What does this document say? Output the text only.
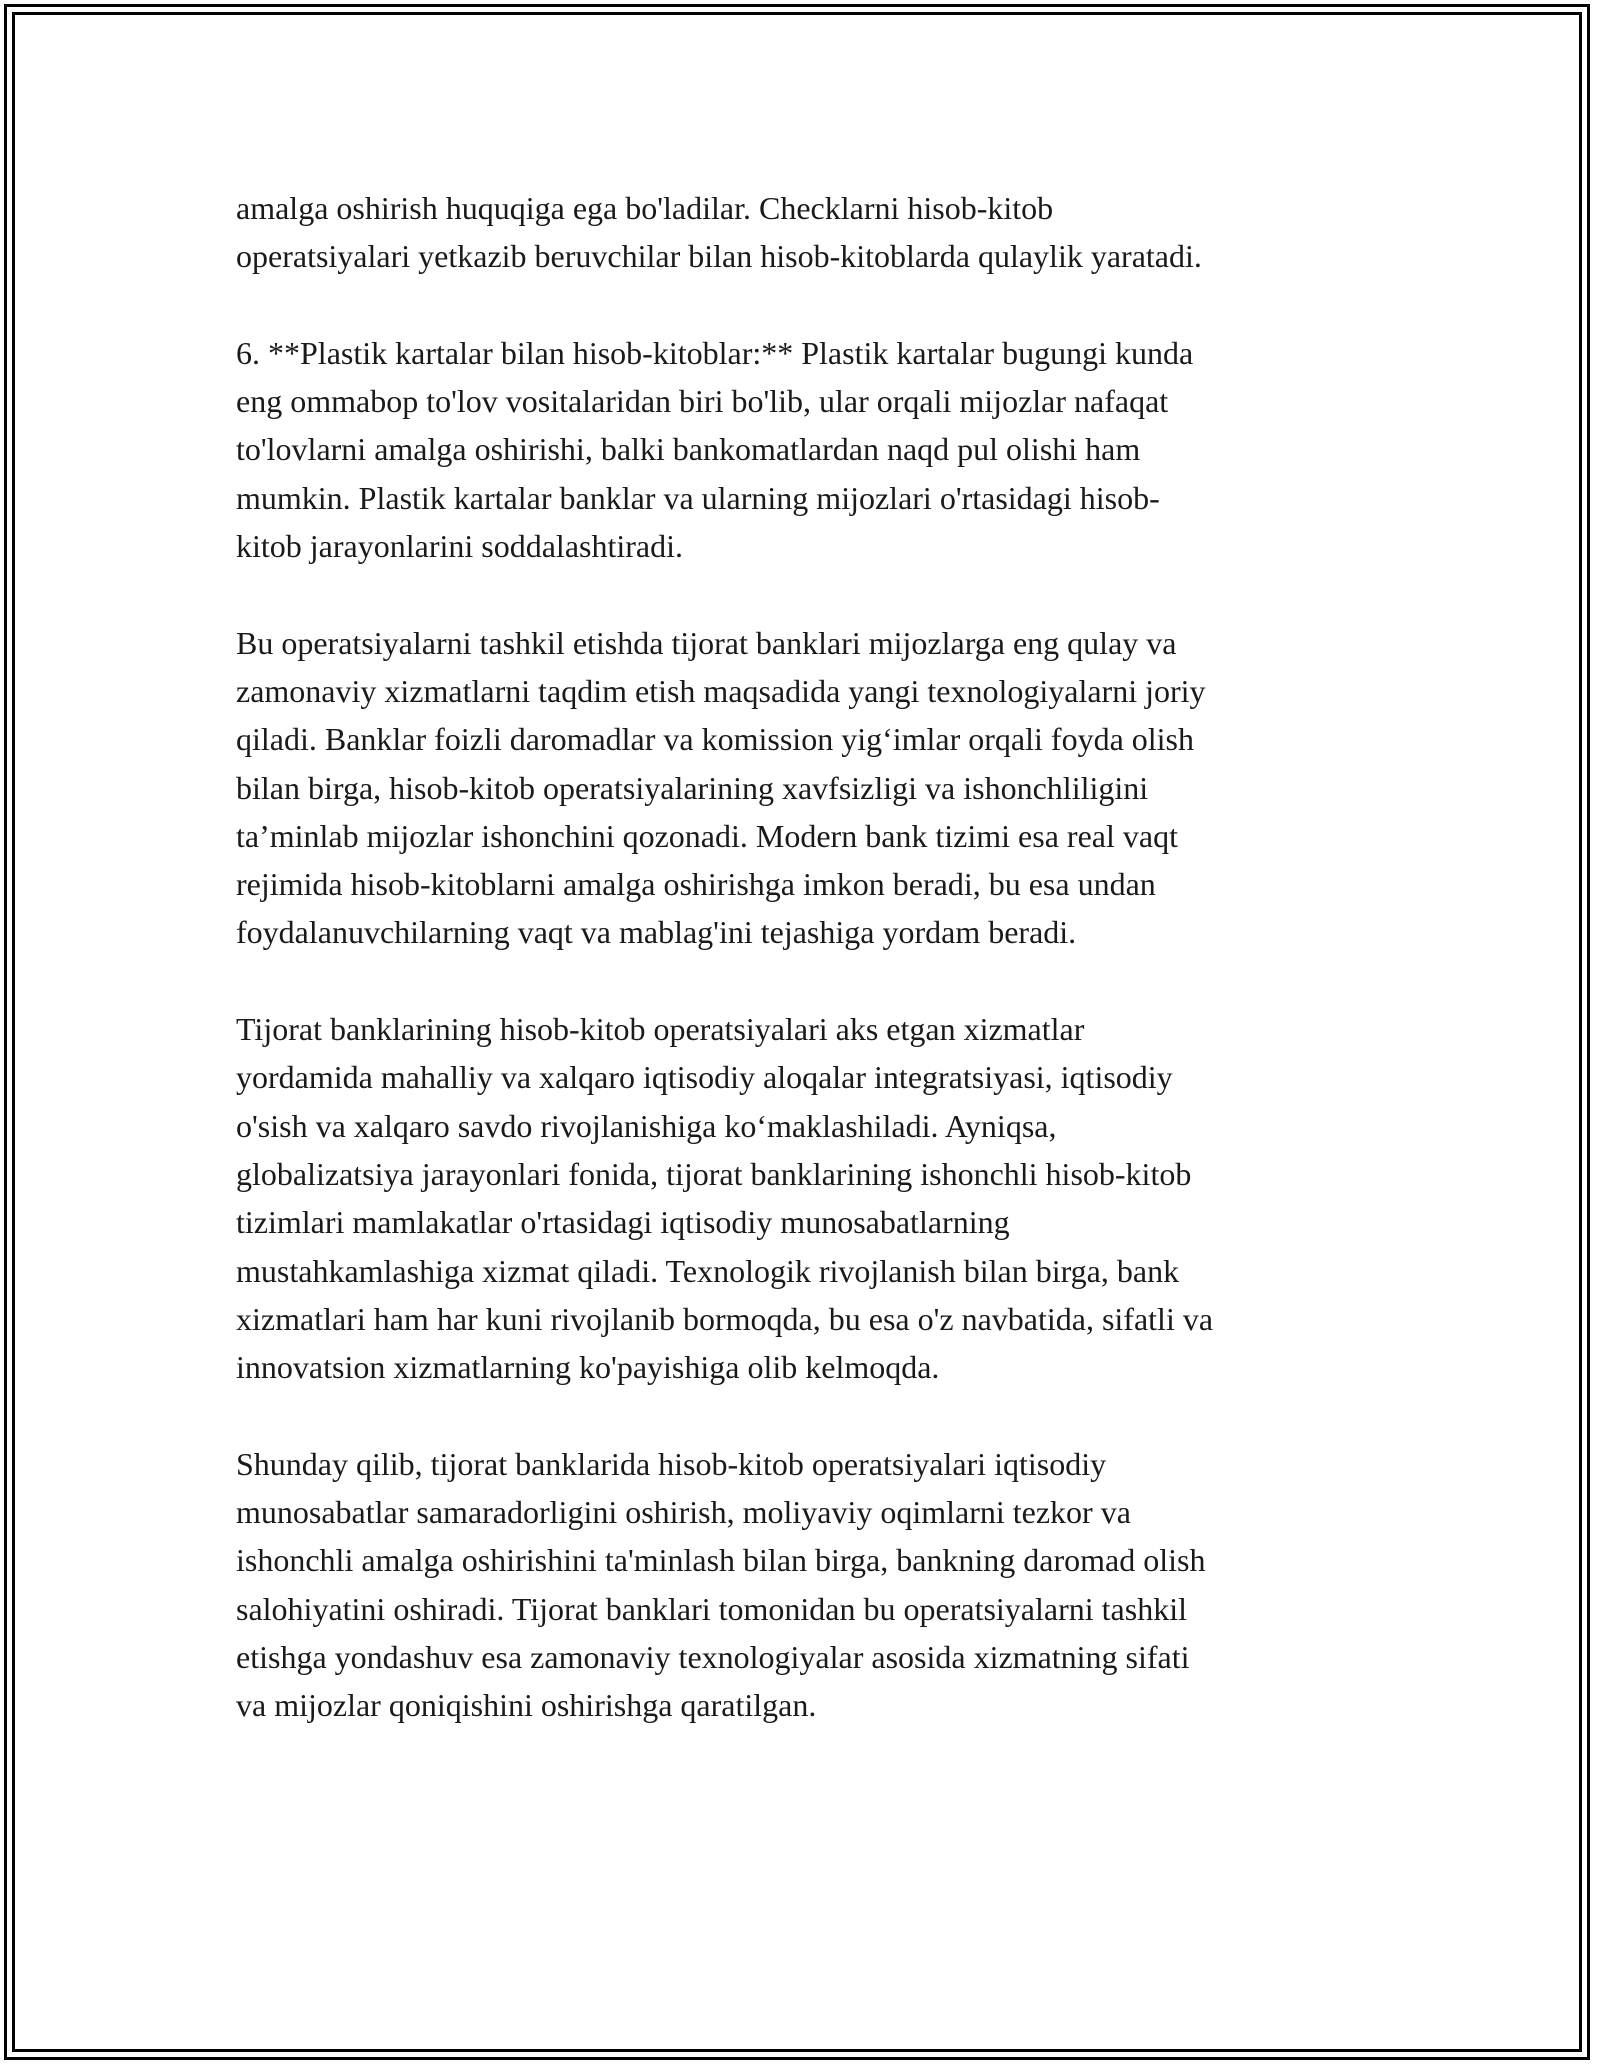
amalga oshirish huquqiga ega bo'ladilar. Checklarni hisob-kitob
operatsiyalari yetkazib beruvchilar bilan hisob-kitoblarda qulaylik yaratadi.

6. **Plastik kartalar bilan hisob-kitoblar:** Plastik kartalar bugungi kunda
eng ommabop to'lov vositalaridan biri bo'lib, ular orqali mijozlar nafaqat
to'lovlarni amalga oshirishi, balki bankomatlardan naqd pul olishi ham
mumkin. Plastik kartalar banklar va ularning mijozlari o'rtasidagi hisob-
kitob jarayonlarini soddalashtiradi.

Bu operatsiyalarni tashkil etishda tijorat banklari mijozlarga eng qulay va
zamonaviy xizmatlarni taqdim etish maqsadida yangi texnologiyalarni joriy
qiladi. Banklar foizli daromadlar va komission yig‘imlar orqali foyda olish
bilan birga, hisob-kitob operatsiyalarining xavfsizligi va ishonchliligini
ta’minlab mijozlar ishonchini qozonadi. Modern bank tizimi esa real vaqt
rejimida hisob-kitoblarni amalga oshirishga imkon beradi, bu esa undan
foydalanuvchilarning vaqt va mablag'ini tejashiga yordam beradi.

Tijorat banklarining hisob-kitob operatsiyalari aks etgan xizmatlar
yordamida mahalliy va xalqaro iqtisodiy aloqalar integratsiyasi, iqtisodiy
o'sish va xalqaro savdo rivojlanishiga ko‘maklashiladi. Ayniqsa,
globalizatsiya jarayonlari fonida, tijorat banklarining ishonchli hisob-kitob
tizimlari mamlakatlar o'rtasidagi iqtisodiy munosabatlarning
mustahkamlashiga xizmat qiladi. Texnologik rivojlanish bilan birga, bank
xizmatlari ham har kuni rivojlanib bormoqda, bu esa o'z navbatida, sifatli va
innovatsion xizmatlarning ko'payishiga olib kelmoqda.

Shunday qilib, tijorat banklarida hisob-kitob operatsiyalari iqtisodiy
munosabatlar samaradorligini oshirish, moliyaviy oqimlarni tezkor va
ishonchli amalga oshirishini ta'minlash bilan birga, bankning daromad olish
salohiyatini oshiradi. Tijorat banklari tomonidan bu operatsiyalarni tashkil
etishga yondashuv esa zamonaviy texnologiyalar asosida xizmatning sifati
va mijozlar qoniqishini oshirishga qaratilgan.
